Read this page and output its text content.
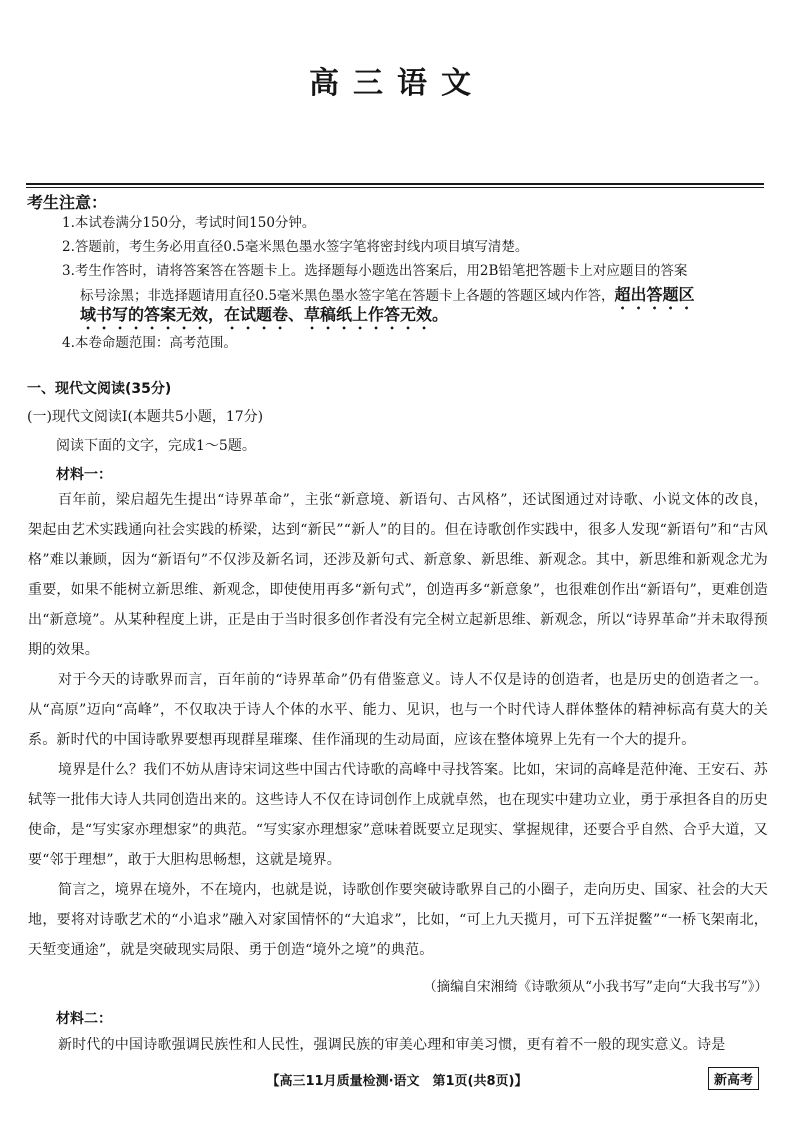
高三语文
考生注意：
1.本试卷满分150分，考试时间150分钟。
2.答题前，考生务必用直径0.5毫米黑色墨水签字笔将密封线内项目填写清楚。
3.考生作答时，请将答案答在答题卡上。选择题每小题选出答案后，用2B铅笔把答题卡上对应题目的答案
标号涂黑；非选择题请用直径0.5毫米黑色墨水签字笔在答题卡上各题的答题区域内作答，超出答题区
域书写的答案无效，在试题卷、草稿纸上作答无效。
4.本卷命题范围：高考范围。
一、现代文阅读(35分)
(一)现代文阅读Ⅰ(本题共5小题，17分)
阅读下面的文字，完成1～5题。
材料一：
百年前，梁启超先生提出“诗界革命”，主张“新意境、新语句、古风格”，还试图通过对诗歌、小说文体的改良，架起由艺术实践通向社会实践的桥梁，达到“新民”“新人”的目的。但在诗歌创作实践中，很多人发现“新语句”和“古风格”难以兼顾，因为“新语句”不仅涉及新名词，还涉及新句式、新意象、新思维、新观念。其中，新思维和新观念尤为重要，如果不能树立新思维、新观念，即使使用再多“新句式”，创造再多“新意象”，也很难创作出“新语句”，更难创造出“新意境”。从某种程度上讲，正是由于当时很多创作者没有完全树立起新思维、新观念，所以“诗界革命”并未取得预期的效果。
对于今天的诗歌界而言，百年前的“诗界革命”仍有借鉴意义。诗人不仅是诗的创造者，也是历史的创造者之一。从“高原”迈向“高峰”，不仅取决于诗人个体的水平、能力、见识，也与一个时代诗人群体整体的精神标高有莫大的关系。新时代的中国诗歌界要想再现群星璀璨、佳作涌现的生动局面，应该在整体境界上先有一个大的提升。
境界是什么？我们不妨从唐诗宋词这些中国古代诗歌的高峰中寻找答案。比如，宋词的高峰是范仲淹、王安石、苏轼等一批伟大诗人共同创造出来的。这些诗人不仅在诗词创作上成就卓然，也在现实中建功立业，勇于承担各自的历史使命，是“写实家亦理想家”的典范。“写实家亦理想家”意味着既要立足现实、掌握规律，还要合乎自然、合乎大道，又要“邻于理想”，敢于大胆构思畅想，这就是境界。
简言之，境界在境外，不在境内，也就是说，诗歌创作要突破诗歌界自己的小圈子，走向历史、国家、社会的大天地，要将对诗歌艺术的“小追求”融入对家国情怀的“大追求”，比如，“可上九天揽月，可下五洋捉鳖”“一桥飞架南北，天堑变通途”，就是突破现实局限、勇于创造“境外之境”的典范。
（摘编自宋湘绮《诗歌须从“小我书写”走向“大我书写”》）
材料二：
新时代的中国诗歌强调民族性和人民性，强调民族的审美心理和审美习惯，更有着不一般的现实意义。诗是
【高三11月质量检测·语文　第1页(共8页)】	新高考
